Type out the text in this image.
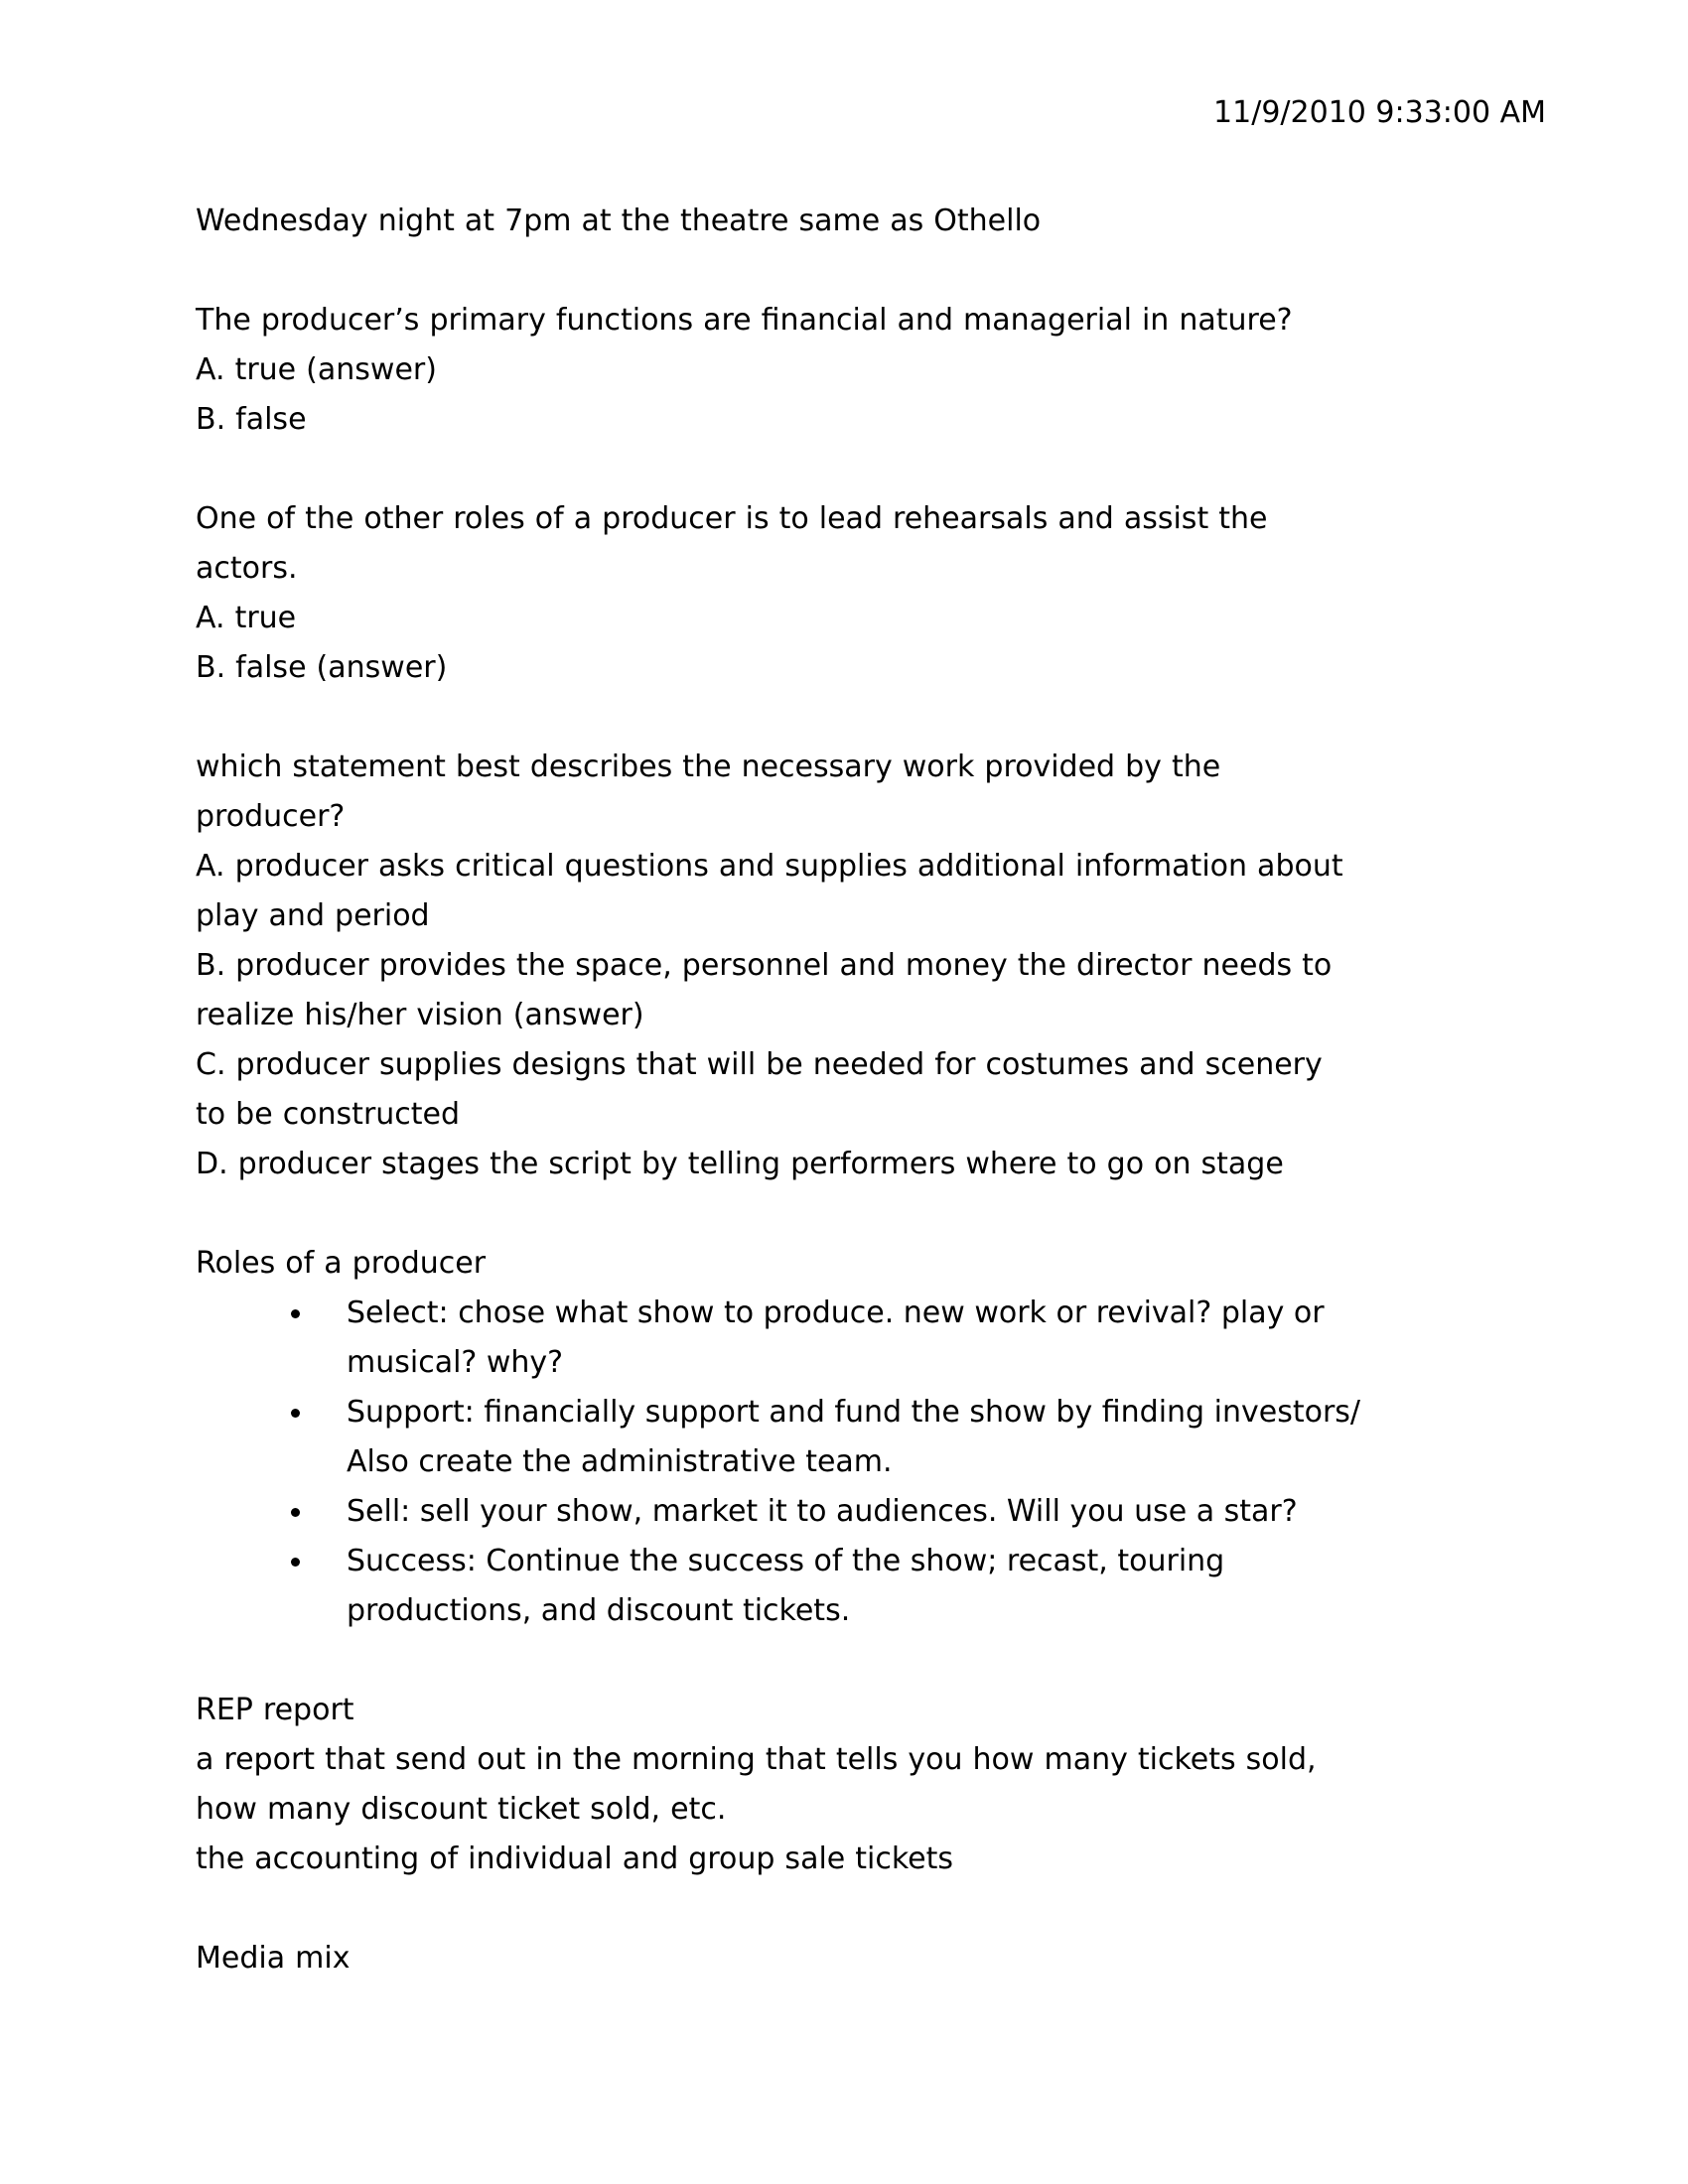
11/9/2010 9:33:00 AM

Wednesday night at 7pm at the theatre same as Othello

The producer’s primary functions are financial and managerial in nature?
A. true (answer)
B. false

One of the other roles of a producer is to lead rehearsals and assist the
actors.
A. true
B. false (answer)

which statement best describes the necessary work provided by the
producer?
A. producer asks critical questions and supplies additional information about
play and period
B. producer provides the space, personnel and money the director needs to
realize his/her vision (answer)
C. producer supplies designs that will be needed for costumes and scenery
to be constructed
D. producer stages the script by telling performers where to go on stage

Roles of a producer

Select: chose what show to produce. new work or revival? play or
musical? why?
Support: financially support and fund the show by finding investors/
Also create the administrative team.
Sell: sell your show, market it to audiences. Will you use a star?
Success: Continue the success of the show; recast, touring
productions, and discount tickets.

REP report
a report that send out in the morning that tells you how many tickets sold,
how many discount ticket sold, etc.
the accounting of individual and group sale tickets

Media mix
